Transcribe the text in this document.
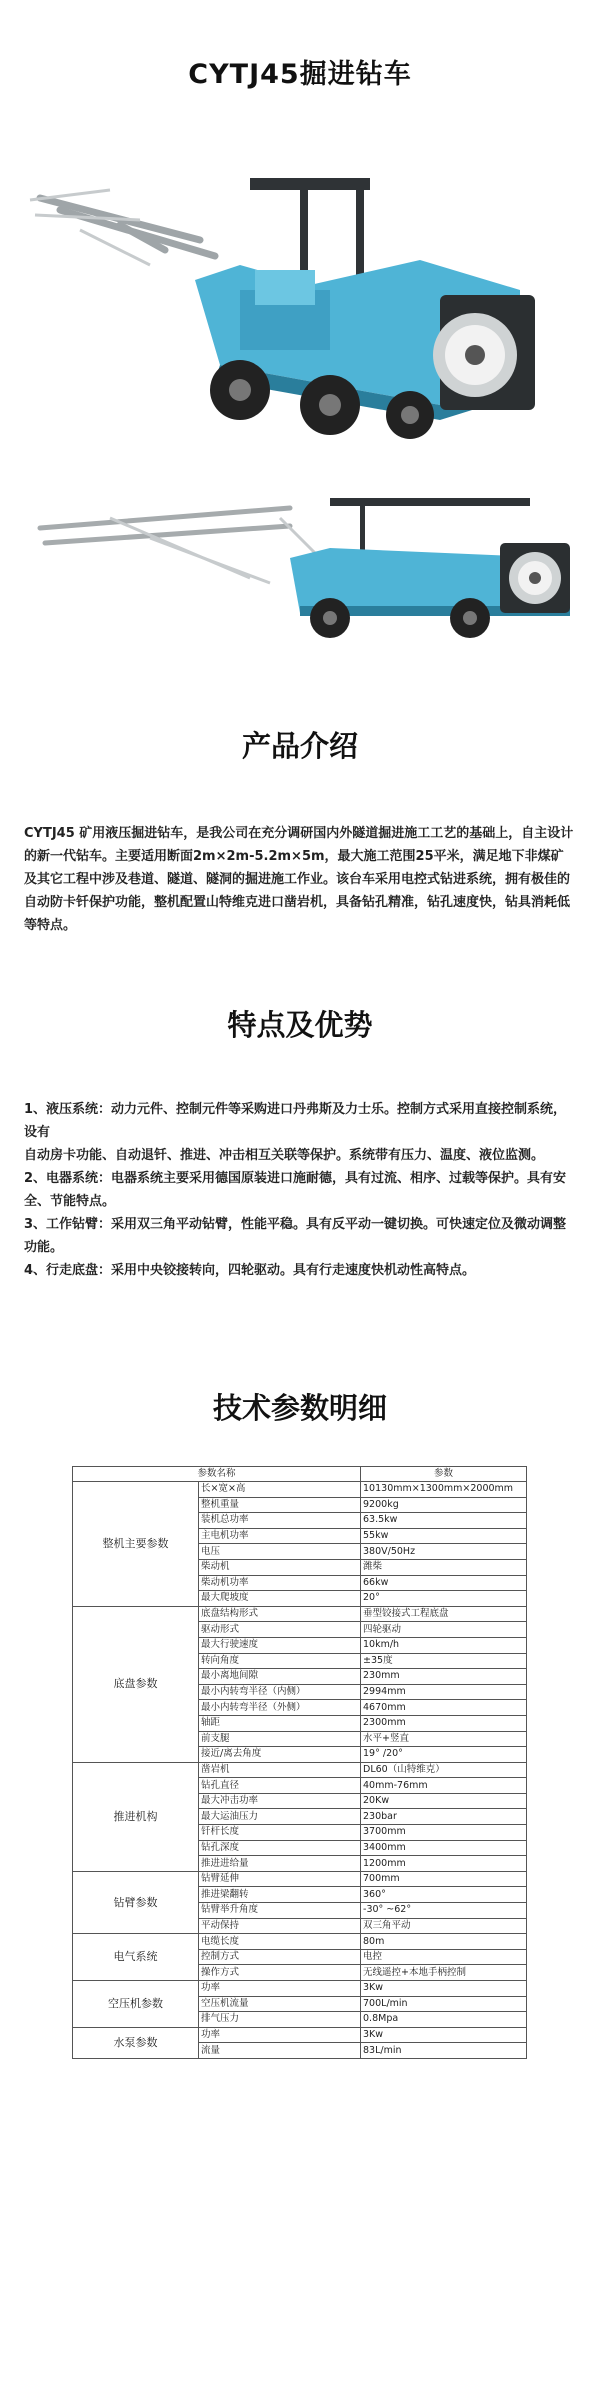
CYTJ45掘进钻车
产品介绍
CYTJ45 矿用液压掘进钻车，是我公司在充分调研国内外隧道掘进施工工艺的基础上，自主设计的新一代钻车。主要适用断面2m×2m-5.2m×5m，最大施工范围25平米，满足地下非煤矿及其它工程中涉及巷道、隧道、隧洞的掘进施工作业。该台车采用电控式钻进系统，拥有极佳的自动防卡钎保护功能，整机配置山特维克进口凿岩机，具备钻孔精准，钻孔速度快，钻具消耗低等特点。
特点及优势
1、液压系统：动力元件、控制元件等采购进口丹弗斯及力士乐。控制方式采用直接控制系统，设有
自动房卡功能、自动退钎、推进、冲击相互关联等保护。系统带有压力、温度、液位监测。
2、电器系统：电器系统主要采用德国原装进口施耐德，具有过流、相序、过载等保护。具有安全、节能特点。
3、工作钻臂：采用双三角平动钻臂，性能平稳。具有反平动一键切换。可快速定位及微动调整功能。
4、行走底盘：采用中央铰接转向，四轮驱动。具有行走速度快机动性高特点。
技术参数明细
参数名称		参数
整机主要参数	长×宽×高	10130mm×1300mm×2000mm
	整机重量	9200kg
	装机总功率	63.5kw
	主电机功率	55kw
	电压	380V/50Hz
	柴动机	潍柴
	柴动机功率	66kw
	最大爬坡度	20°
底盘参数	底盘结构形式	垂型铰接式工程底盘
	驱动形式	四轮驱动
	最大行驶速度	10km/h
	转向角度	±35度
	最小离地间隙	230mm
	最小内转弯半径（内侧）	2994mm
	最小内转弯半径（外侧）	4670mm
	轴距	2300mm
	前支腿	水平+竖直
	接近/离去角度	19° /20°
推进机构	凿岩机	DL60（山特维克）
	钻孔直径	40mm-76mm
	最大冲击功率	20Kw
	最大运油压力	230bar
	钎杆长度	3700mm
	钻孔深度	3400mm
	推进进给量	1200mm
钻臂参数	钻臂延伸	700mm
	推进梁翻转	360°
	钻臂举升角度	-30° ~62°
	平动保持	双三角平动
电气系统	电缆长度	80m
	控制方式	电控
	操作方式	无线遥控+本地手柄控制
空压机参数	功率	3Kw
	空压机流量	700L/min
	排气压力	0.8Mpa
水泵参数	功率	3Kw
	流量	83L/min
